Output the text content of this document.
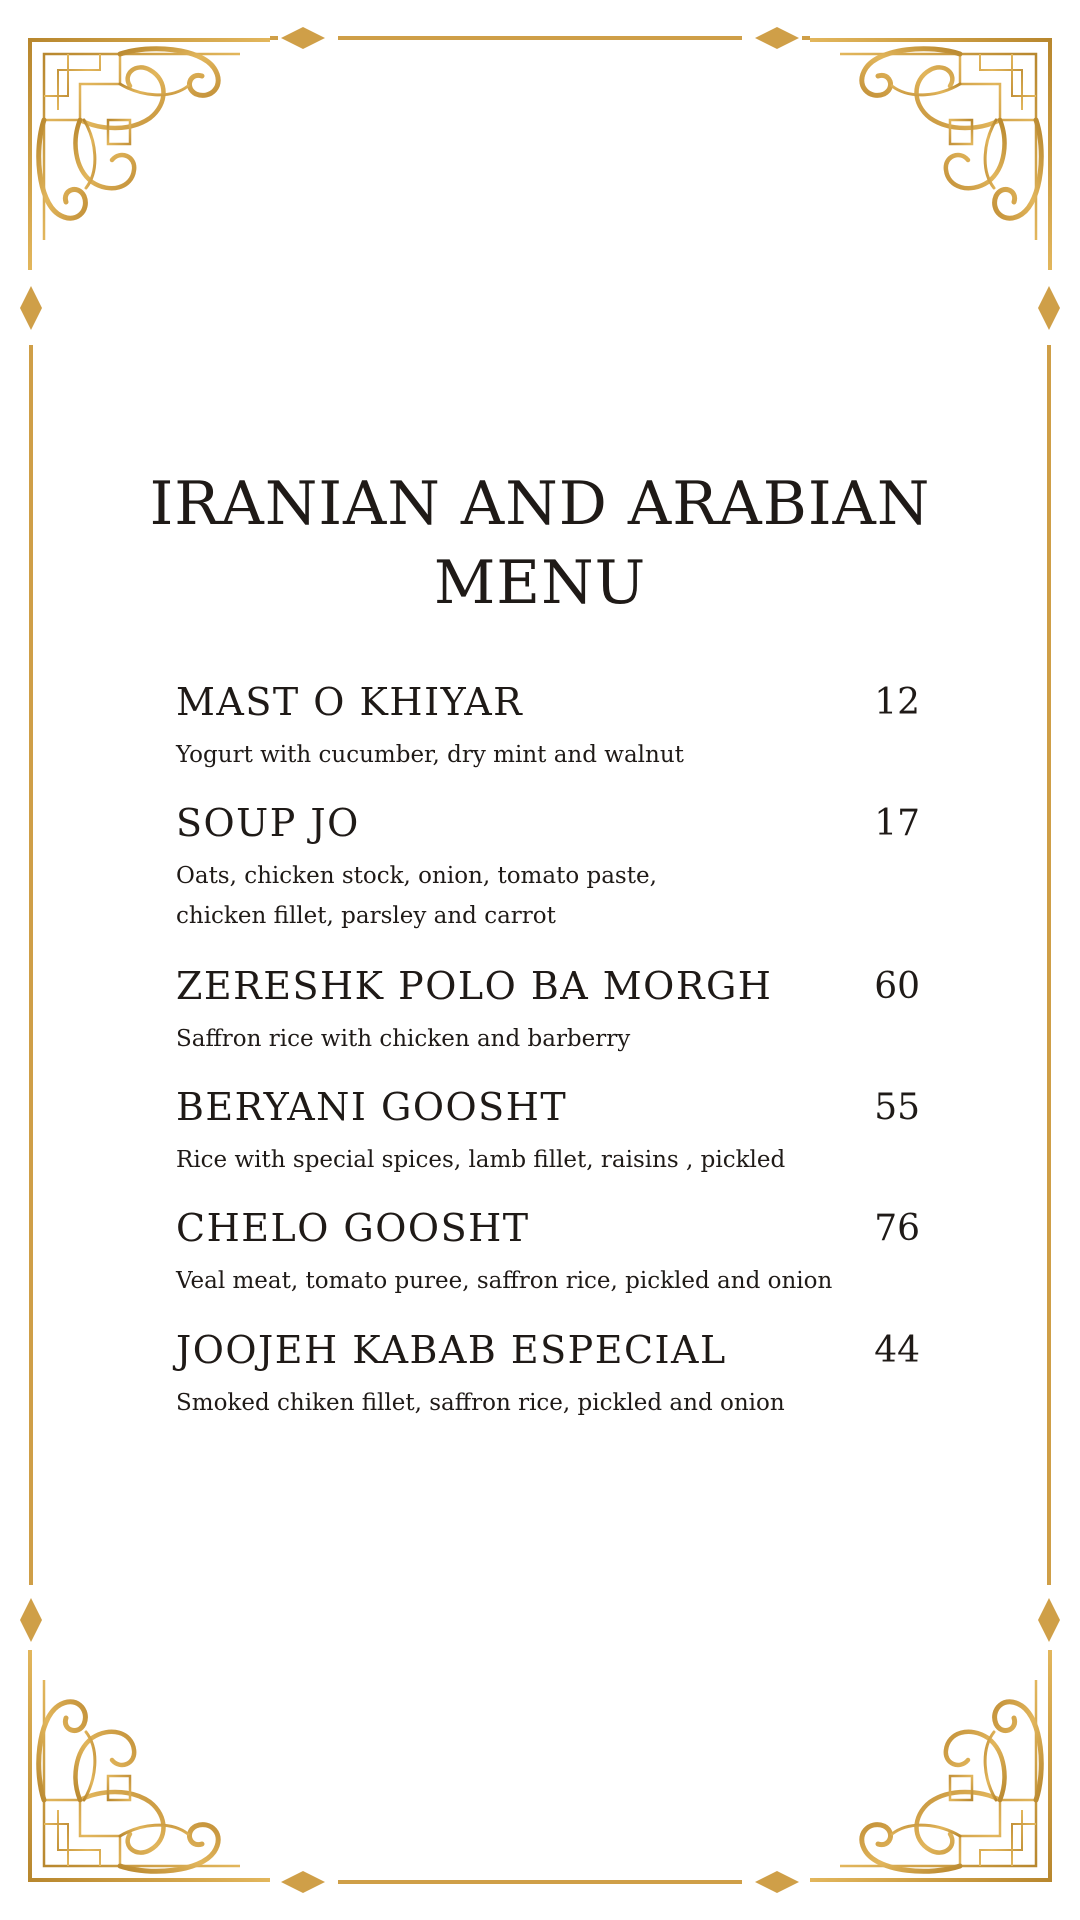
IRANIAN AND ARABIAN
MENU
MAST O KHIYAR	12
Yogurt with cucumber, dry mint and walnut
SOUP JO	17
Oats, chicken stock, onion, tomato paste,
chicken fillet, parsley and carrot
ZERESHK POLO BA MORGH	60
Saffron rice with chicken and barberry
BERYANI GOOSHT	55
Rice with special spices, lamb fillet, raisins , pickled
CHELO GOOSHT	76
Veal meat, tomato puree, saffron rice, pickled and onion
JOOJEH KABAB ESPECIAL	44
Smoked chiken fillet, saffron rice, pickled and onion
